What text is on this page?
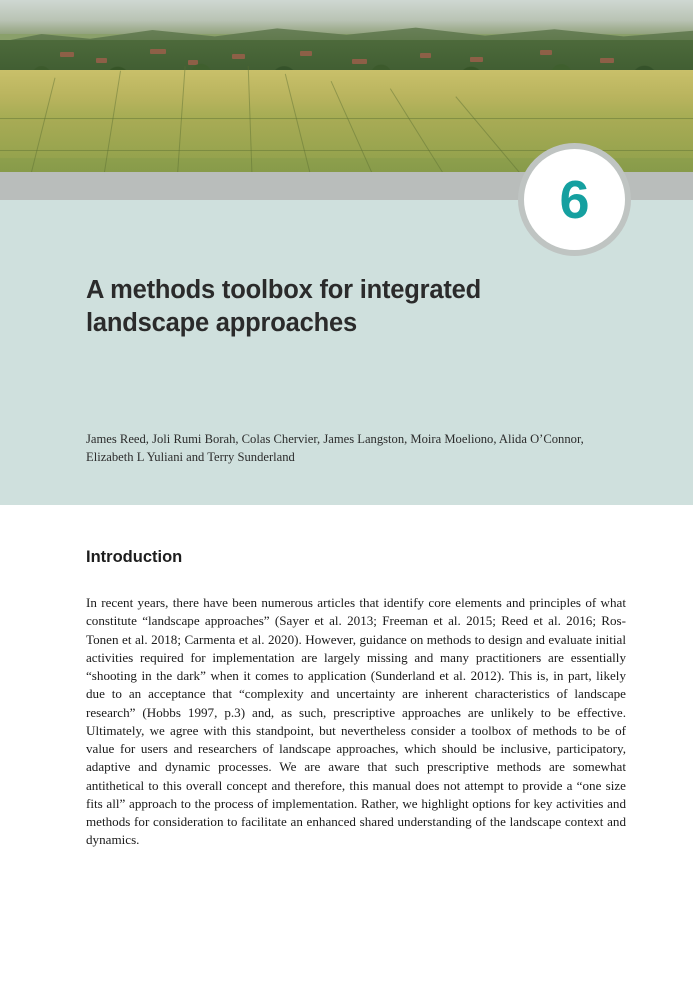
6
A methods toolbox for integrated landscape approaches
James Reed, Joli Rumi Borah, Colas Chervier, James Langston, Moira Moeliono, Alida O’Connor, Elizabeth L Yuliani and Terry Sunderland
Introduction

In recent years, there have been numerous articles that identify core elements and principles of what constitute “landscape approaches” (Sayer et al. 2013; Freeman et al. 2015; Reed et al. 2016; Ros-Tonen et al. 2018; Carmenta et al. 2020). However, guidance on methods to design and evaluate initial activities required for implementation are largely missing and many practitioners are essentially “shooting in the dark” when it comes to application (Sunderland et al. 2012). This is, in part, likely due to an acceptance that “complexity and uncertainty are inherent characteristics of landscape research” (Hobbs 1997, p.3) and, as such, prescriptive approaches are unlikely to be effective. Ultimately, we agree with this standpoint, but nevertheless consider a toolbox of methods to be of value for users and researchers of landscape approaches, which should be inclusive, participatory, adaptive and dynamic processes. We are aware that such prescriptive methods are somewhat antithetical to this overall concept and therefore, this manual does not attempt to provide a “one size fits all” approach to the process of implementation. Rather, we highlight options for key activities and methods for consideration to facilitate an enhanced shared understanding of the landscape context and dynamics.
